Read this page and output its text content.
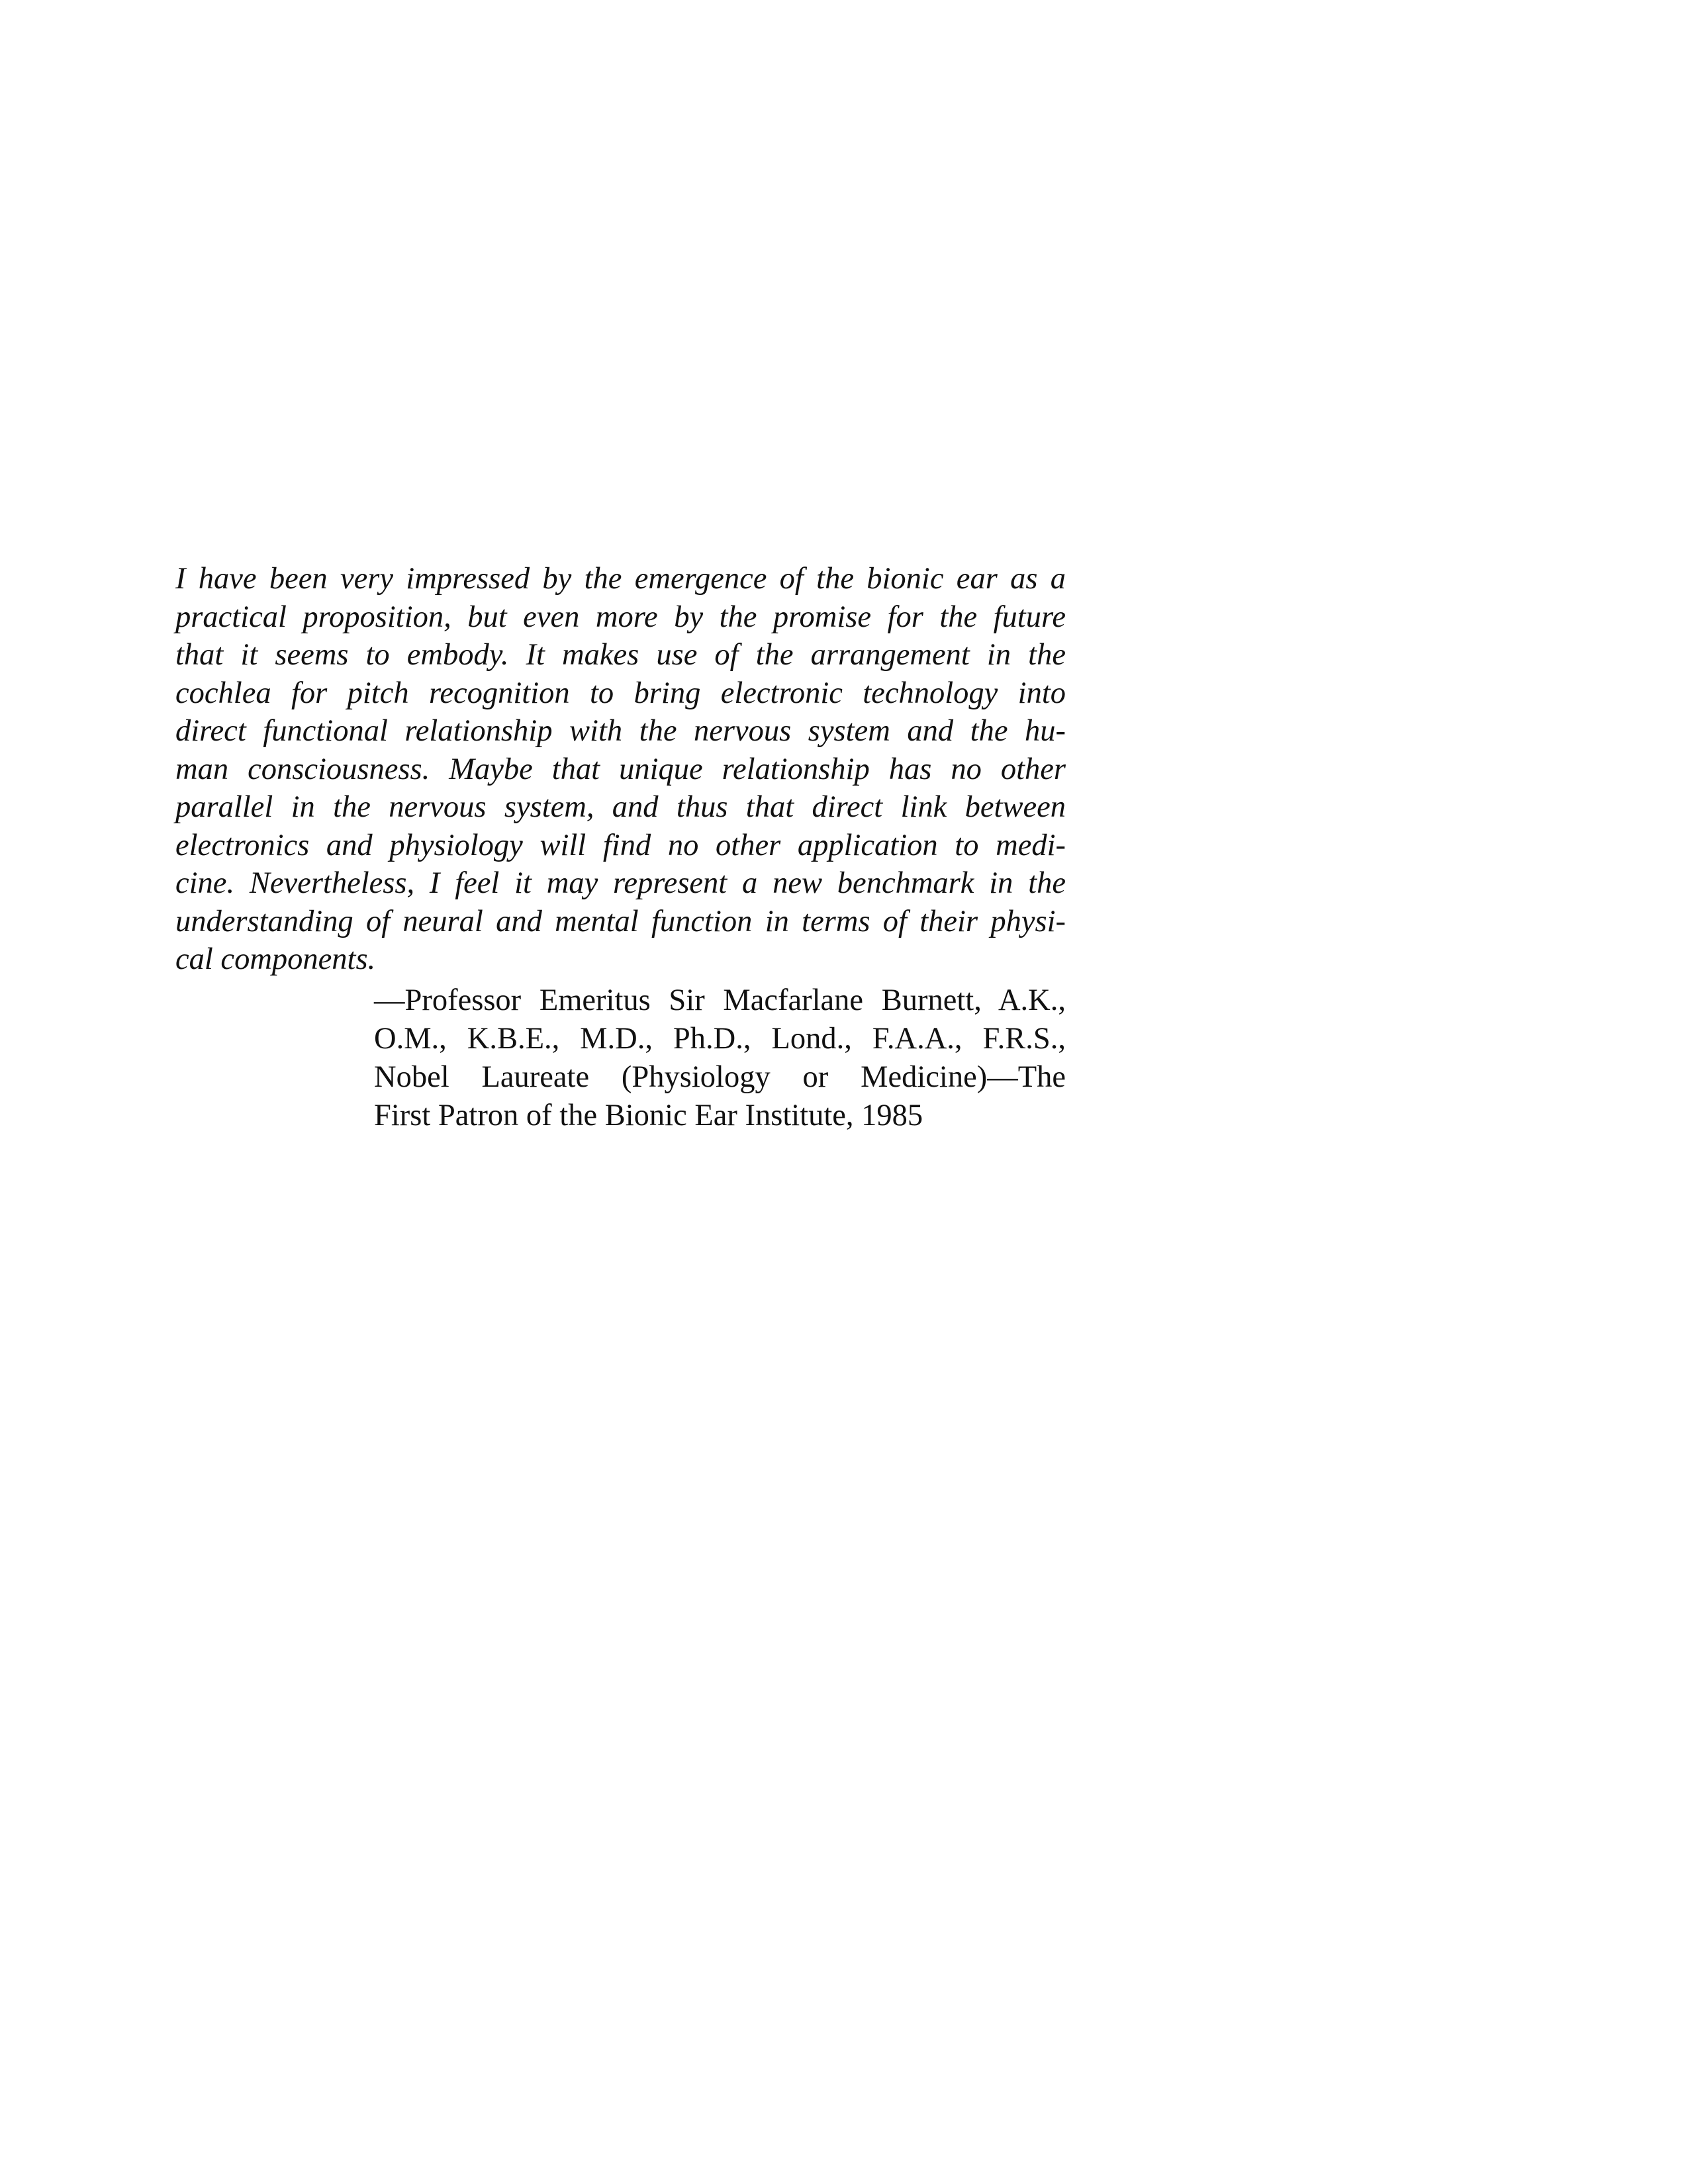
I have been very impressed by the emergence of the bionic ear as a
practical proposition, but even more by the promise for the future
that it seems to embody. It makes use of the arrangement in the
cochlea for pitch recognition to bring electronic technology into
direct functional relationship with the nervous system and the hu-
man consciousness. Maybe that unique relationship has no other
parallel in the nervous system, and thus that direct link between
electronics and physiology will find no other application to medi-
cine. Nevertheless, I feel it may represent a new benchmark in the
understanding of neural and mental function in terms of their physi-
cal components.
—Professor Emeritus Sir Macfarlane Burnett, A.K.,
O.M., K.B.E., M.D., Ph.D., Lond., F.A.A., F.R.S.,
Nobel Laureate (Physiology or Medicine)—The
First Patron of the Bionic Ear Institute, 1985
